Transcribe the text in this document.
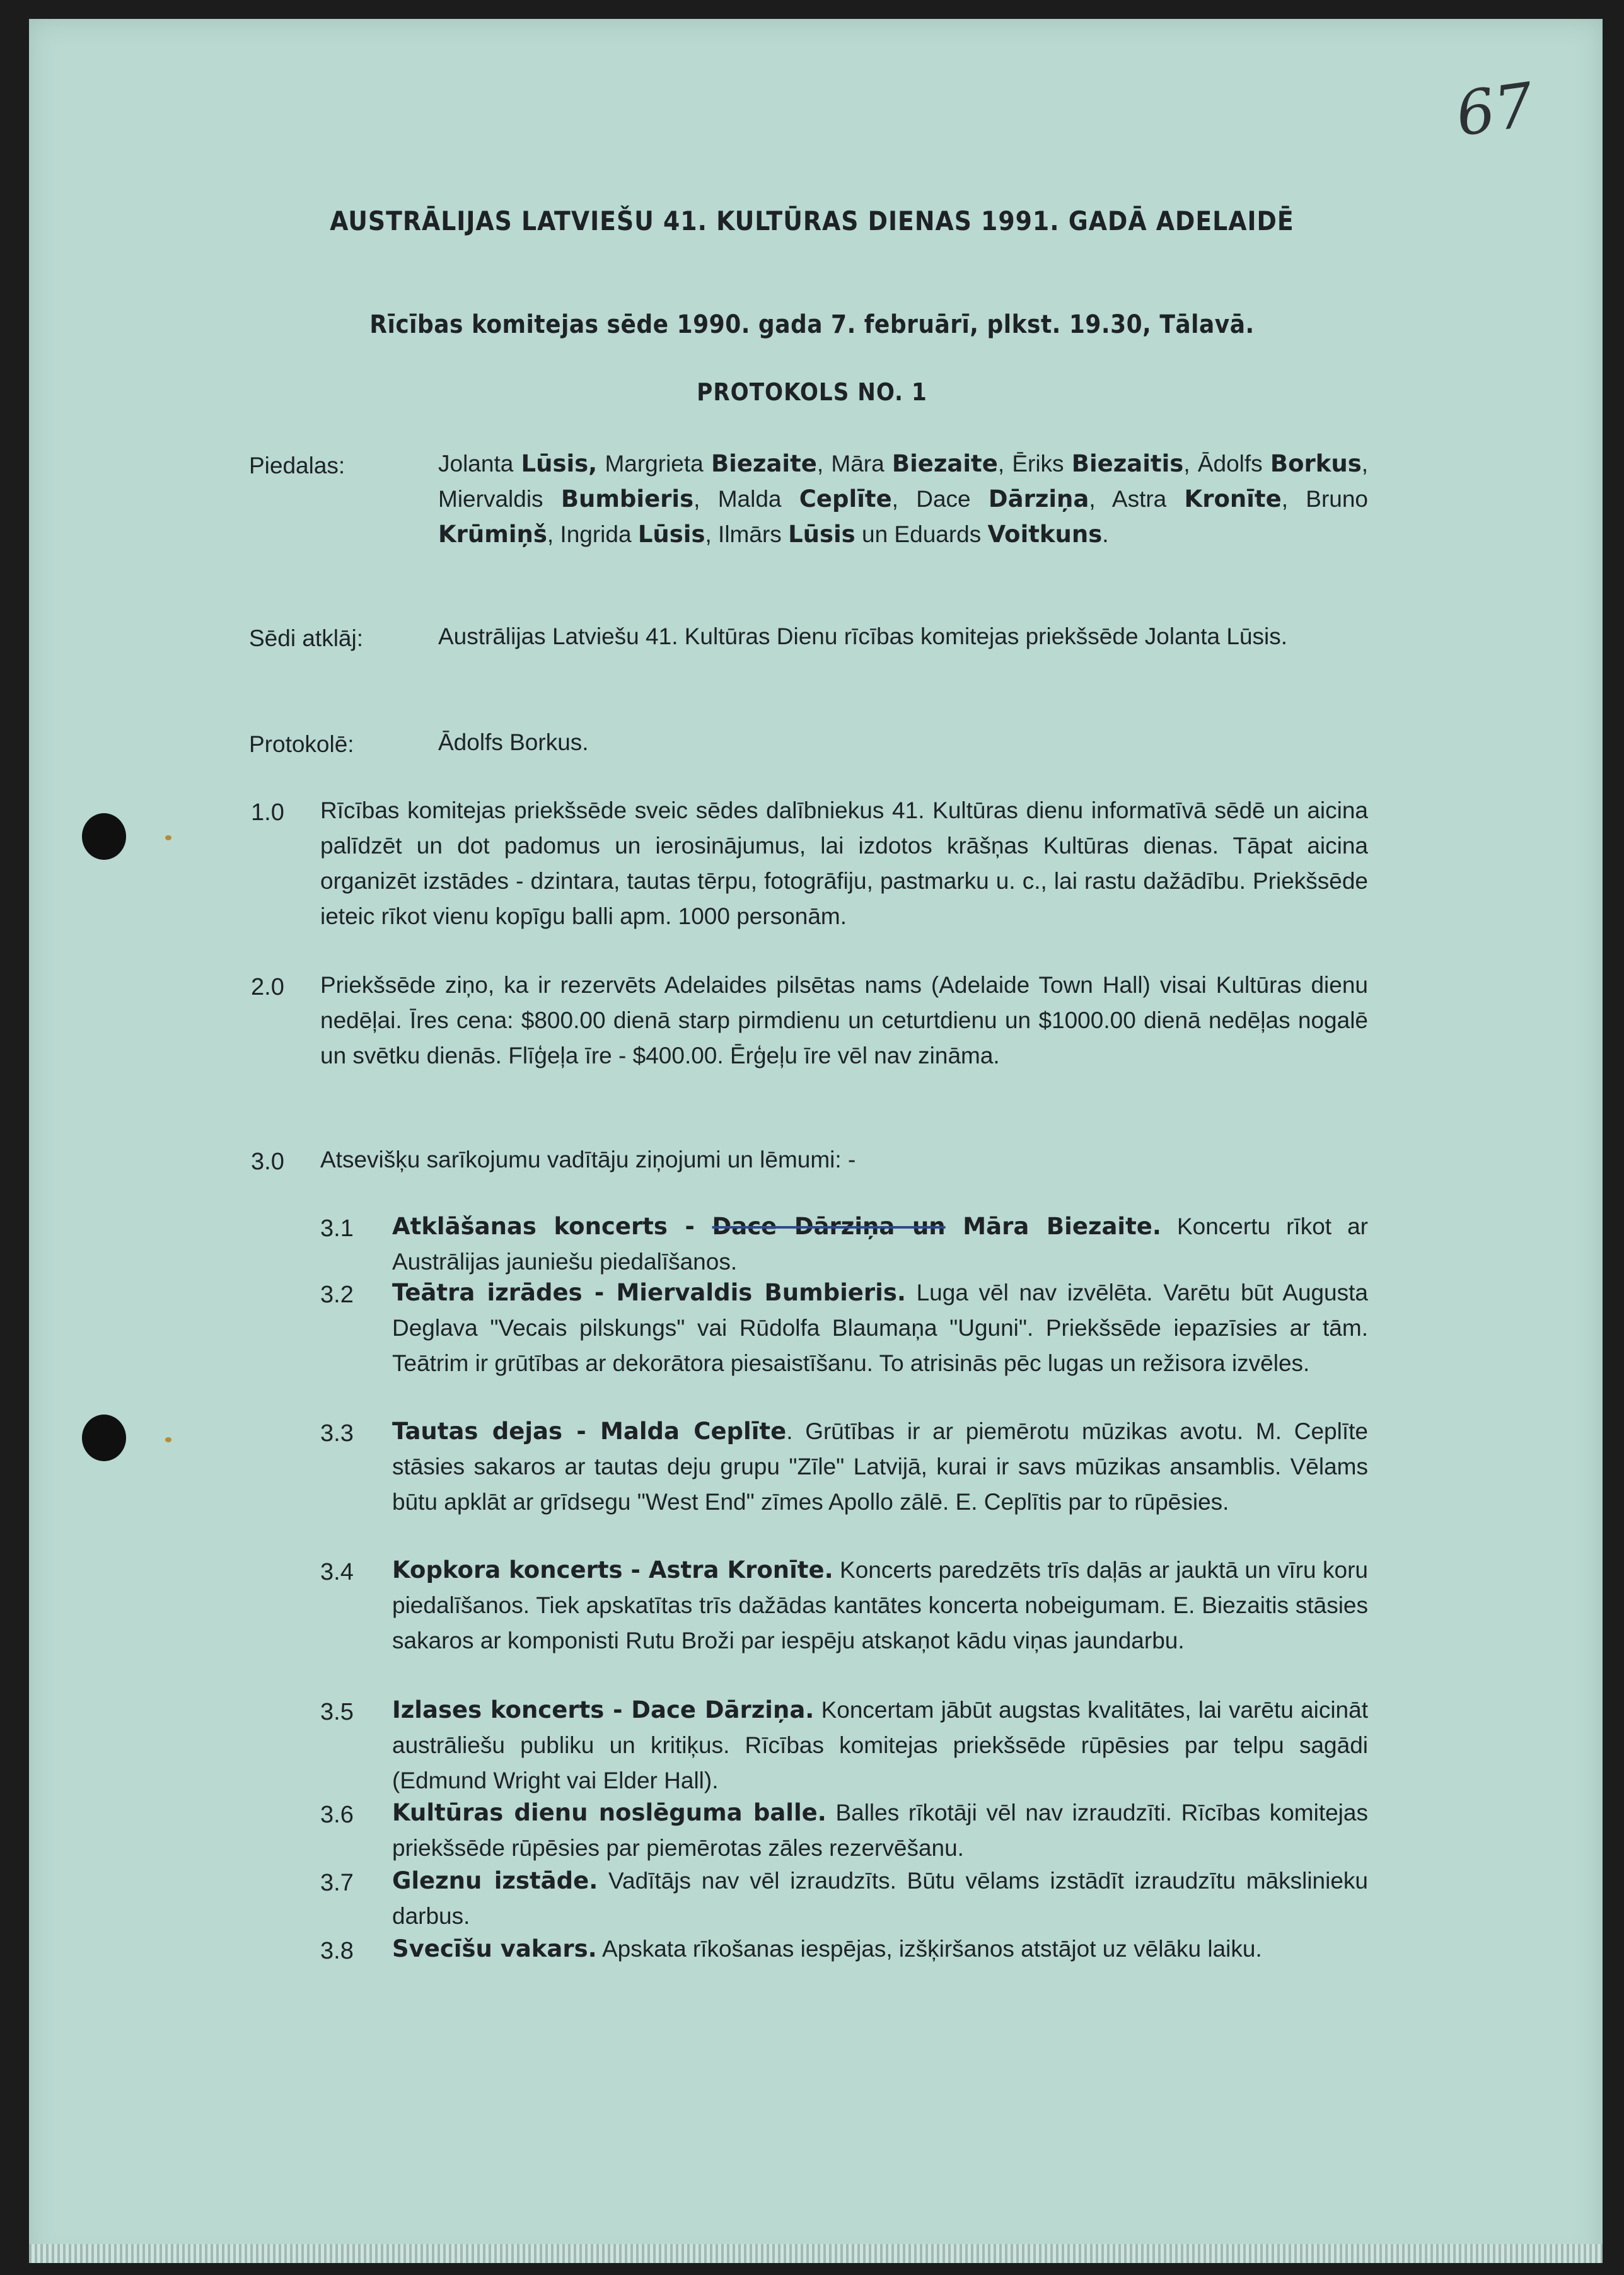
67
AUSTRĀLIJAS LATVIEŠU 41. KULTŪRAS DIENAS 1991. GADĀ ADELAIDĒ
Rīcības komitejas sēde 1990. gada 7. februārī, plkst. 19.30, Tālavā.
PROTOKOLS NO. 1
Piedalas:	Jolanta Lūsis, Margrieta Biezaite, Māra Biezaite, Ēriks Biezaitis, Ādolfs Borkus, Miervaldis Bumbieris, Malda Ceplīte, Dace Dārziņa, Astra Kronīte, Bruno Krūmiņš, Ingrida Lūsis, Ilmārs Lūsis un Eduards Voitkuns.
Sēdi atklāj:	Austrālijas Latviešu 41. Kultūras Dienu rīcības komitejas priekšsēde Jolanta Lūsis.
Protokolē:	Ādolfs Borkus.
1.0 Rīcības komitejas priekšsēde sveic sēdes dalībniekus 41. Kultūras dienu informatīvā sēdē un aicina palīdzēt un dot padomus un ierosinājumus, lai izdotos krāšņas Kultūras dienas. Tāpat aicina organizēt izstādes - dzintara, tautas tērpu, fotogrāfiju, pastmarku u. c., lai rastu dažādību. Priekšsēde ieteic rīkot vienu kopīgu balli apm. 1000 personām.
2.0 Priekšsēde ziņo, ka ir rezervēts Adelaides pilsētas nams (Adelaide Town Hall) visai Kultūras dienu nedēļai. Īres cena: $800.00 dienā starp pirmdienu un ceturtdienu un $1000.00 dienā nedēļas nogalē un svētku dienās. Flīģeļa īre - $400.00. Ērģeļu īre vēl nav zināma.
3.0 Atsevišķu sarīkojumu vadītāju ziņojumi un lēmumi: -
3.1 Atklāšanas koncerts - Dace Dārziņa un Māra Biezaite. Koncertu rīkot ar Austrālijas jauniešu piedalīšanos.
3.2 Teātra izrādes - Miervaldis Bumbieris. Luga vēl nav izvēlēta. Varētu būt Augusta Deglava "Vecais pilskungs" vai Rūdolfa Blaumaņa "Uguni". Priekšsēde iepazīsies ar tām. Teātrim ir grūtības ar dekorātora piesaistīšanu. To atrisinās pēc lugas un režisora izvēles.
3.3 Tautas dejas - Malda Ceplīte. Grūtības ir ar piemērotu mūzikas avotu. M. Ceplīte stāsies sakaros ar tautas deju grupu "Zīle" Latvijā, kurai ir savs mūzikas ansamblis. Vēlams būtu apklāt ar grīdsegu "West End" zīmes Apollo zālē. E. Ceplītis par to rūpēsies.
3.4 Kopkora koncerts - Astra Kronīte. Koncerts paredzēts trīs daļās ar jauktā un vīru koru piedalīšanos. Tiek apskatītas trīs dažādas kantātes koncerta nobeigumam. E. Biezaitis stāsies sakaros ar komponisti Rutu Broži par iespēju atskaņot kādu viņas jaundarbu.
3.5 Izlases koncerts - Dace Dārziņa. Koncertam jābūt augstas kvalitātes, lai varētu aicināt austrāliešu publiku un kritiķus. Rīcības komitejas priekšsēde rūpēsies par telpu sagādi (Edmund Wright vai Elder Hall).
3.6 Kultūras dienu noslēguma balle. Balles rīkotāji vēl nav izraudzīti. Rīcības komitejas priekšsēde rūpēsies par piemērotas zāles rezervēšanu.
3.7 Gleznu izstāde. Vadītājs nav vēl izraudzīts. Būtu vēlams izstādīt izraudzītu mākslinieku darbus.
3.8 Svecīšu vakars. Apskata rīkošanas iespējas, izšķiršanos atstājot uz vēlāku laiku.
